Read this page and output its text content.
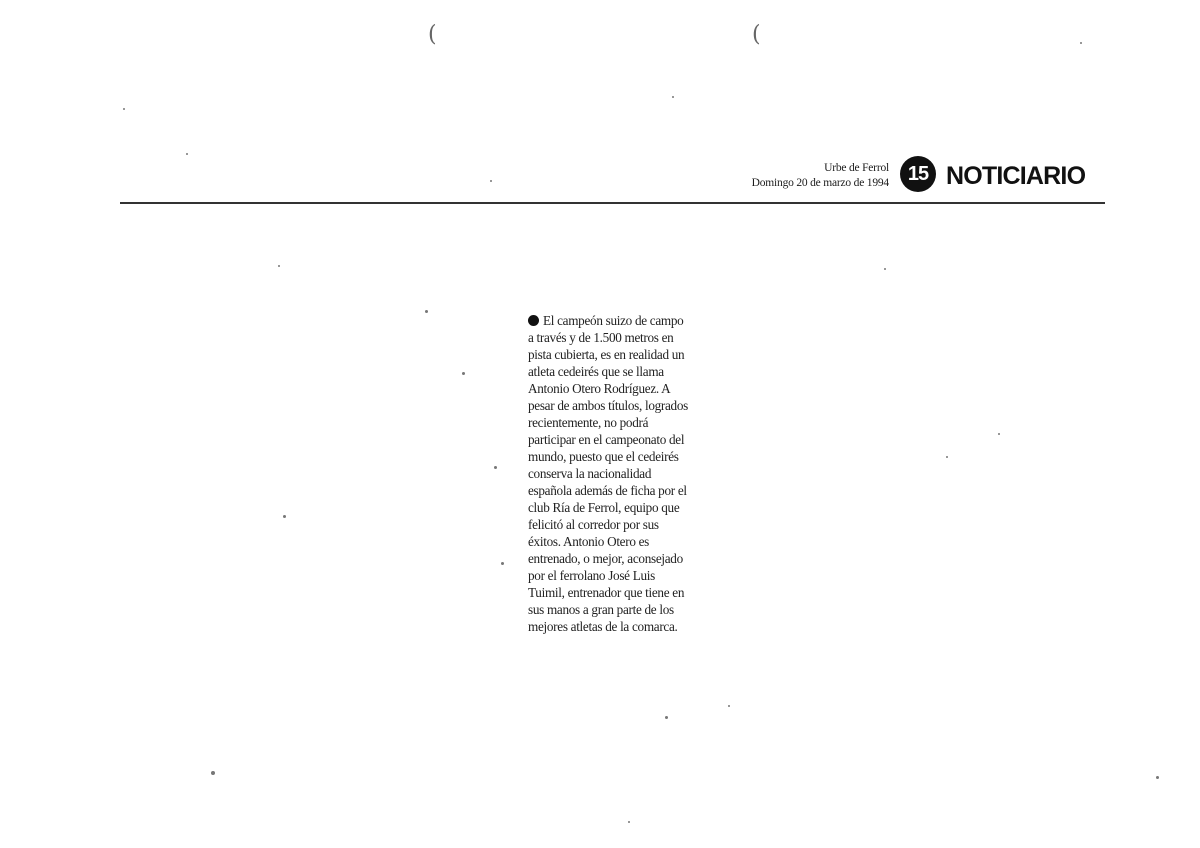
(	(
Urbe de Ferrol
Domingo 20 de marzo de 1994 15 NOTICIARIO

El campeón suizo de campo

a través y de 1.500 metros en

pista cubierta, es en realidad un

atleta cedeirés que se llama

Antonio Otero Rodríguez. A

pesar de ambos títulos, logrados

recientemente, no podrá

participar en el campeonato del

mundo, puesto que el cedeirés

conserva la nacionalidad

española además de ficha por el

club Ría de Ferrol, equipo que

felicitó al corredor por sus

éxitos. Antonio Otero es

entrenado, o mejor, aconsejado

por el ferrolano José Luis

Tuimil, entrenador que tiene en

sus manos a gran parte de los

mejores atletas de la comarca.
